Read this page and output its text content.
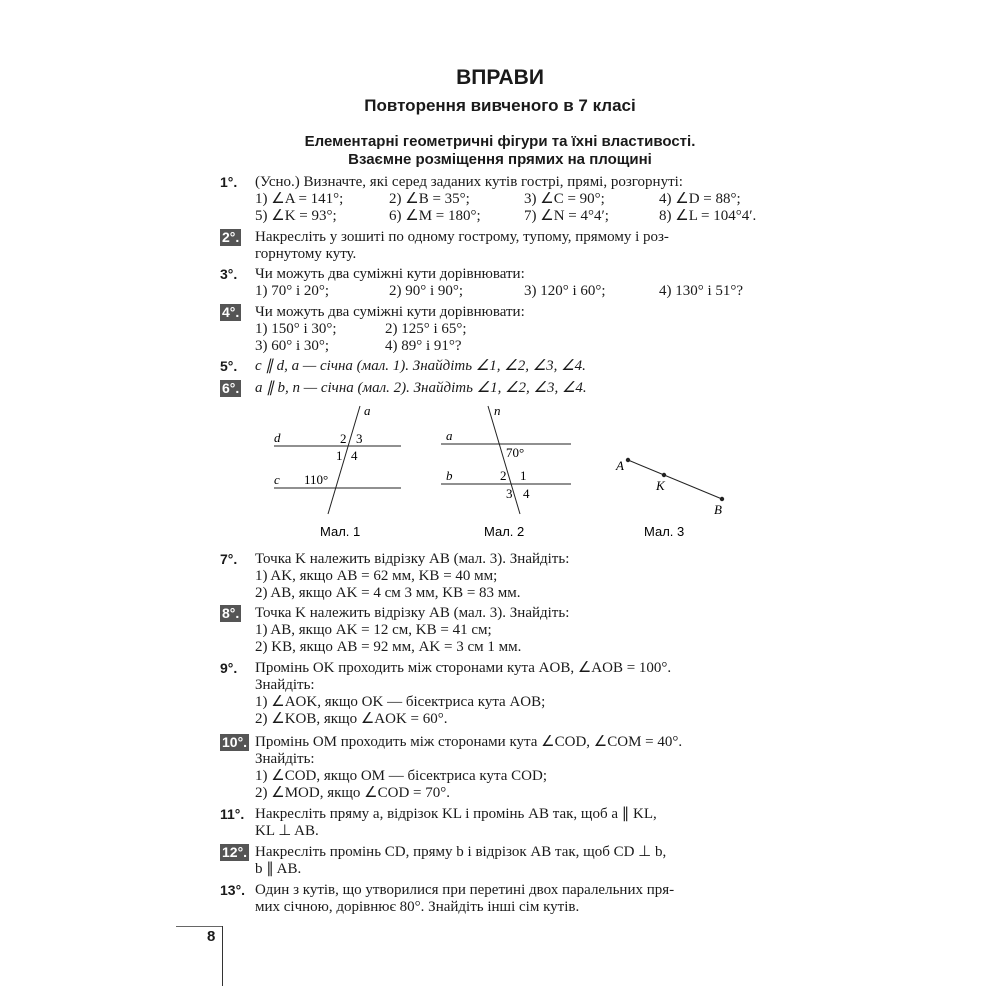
ВПРАВИ
Повторення вивченого в 7 класі
Елементарні геометричні фігури та їхні властивості.
Взаємне розміщення прямих на площині
1°. (Усно.) Визначте, які серед заданих кутів гострі, прямі, розгорнуті:
1) ∠A = 141°;	2) ∠B = 35°;	3) ∠C = 90°;	4) ∠D = 88°;
5) ∠K = 93°;	6) ∠M = 180°;	7) ∠N = 4°4′;	8) ∠L = 104°4′.
2°. Накресліть у зошиті по одному гострому, тупому, прямому і роз-
горнутому куту.
3°. Чи можуть два суміжні кути дорівнювати:
1) 70° і 20°;	2) 90° і 90°;	3) 120° і 60°;	4) 130° і 51°?
4°. Чи можуть два суміжні кути дорівнювати:
1) 150° і 30°;	2) 125° і 65°;
3) 60° і 30°;	4) 89° і 91°?
5°. c ∥ d, a — січна (мал. 1). Знайдіть ∠1, ∠2, ∠3, ∠4.
6°. a ∥ b, n — січна (мал. 2). Знайдіть ∠1, ∠2, ∠3, ∠4.
a
d	2 3
1 4
c 110°
Мал. 1
n
a
70°
b	2 1
3 4
Мал. 2
A
K
B
Мал. 3
7°. Точка K належить відрізку AB (мал. 3). Знайдіть:
1) AK, якщо AB = 62 мм, KB = 40 мм;
2) AB, якщо AK = 4 см 3 мм, KB = 83 мм.
8°. Точка K належить відрізку AB (мал. 3). Знайдіть:
1) AB, якщо AK = 12 см, KB = 41 см;
2) KB, якщо AB = 92 мм, AK = 3 см 1 мм.
9°. Промінь OK проходить між сторонами кута AOB, ∠AOB = 100°.
Знайдіть:
1) ∠AOK, якщо OK — бісектриса кута AOB;
2) ∠KOB, якщо ∠AOK = 60°.
10°. Промінь OM проходить між сторонами кута ∠COD, ∠COM = 40°.
Знайдіть:
1) ∠COD, якщо OM — бісектриса кута COD;
2) ∠MOD, якщо ∠COD = 70°.
11°. Накресліть пряму a, відрізок KL і промінь AB так, щоб a ∥ KL,
KL ⊥ AB.
12°. Накресліть промінь CD, пряму b і відрізок AB так, щоб CD ⊥ b,
b ∥ AB.
13°. Один з кутів, що утворилися при перетині двох паралельних пря-
мих січною, дорівнює 80°. Знайдіть інші сім кутів.
8
